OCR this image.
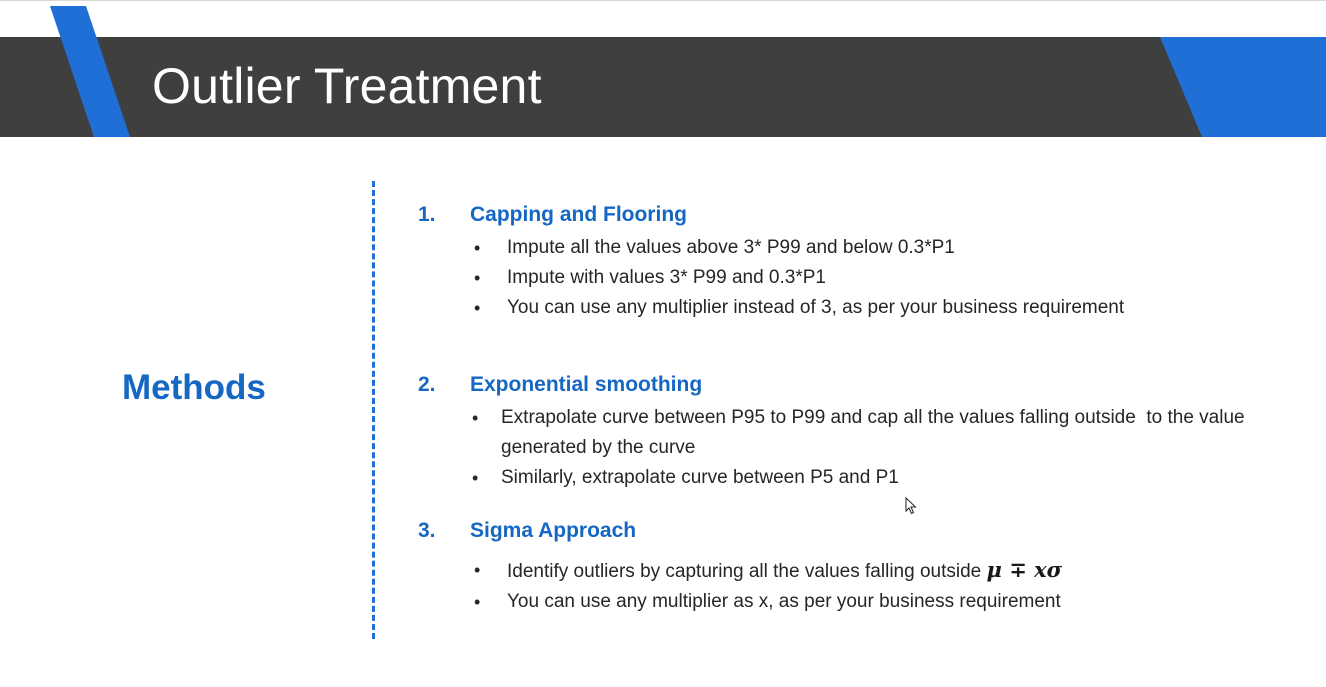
Outlier Treatment
Methods
1.	Capping and Flooring
• Impute all the values above 3* P99 and below 0.3*P1
• Impute with values 3* P99 and 0.3*P1
• You can use any multiplier instead of 3, as per your business requirement
2.	Exponential smoothing
• Extrapolate curve between P95 to P99 and cap all the values falling outside  to the value generated by the curve
• Similarly, extrapolate curve between P5 and P1
3.	Sigma Approach
• Identify outliers by capturing all the values falling outside μ ∓ xσ
• You can use any multiplier as x, as per your business requirement
